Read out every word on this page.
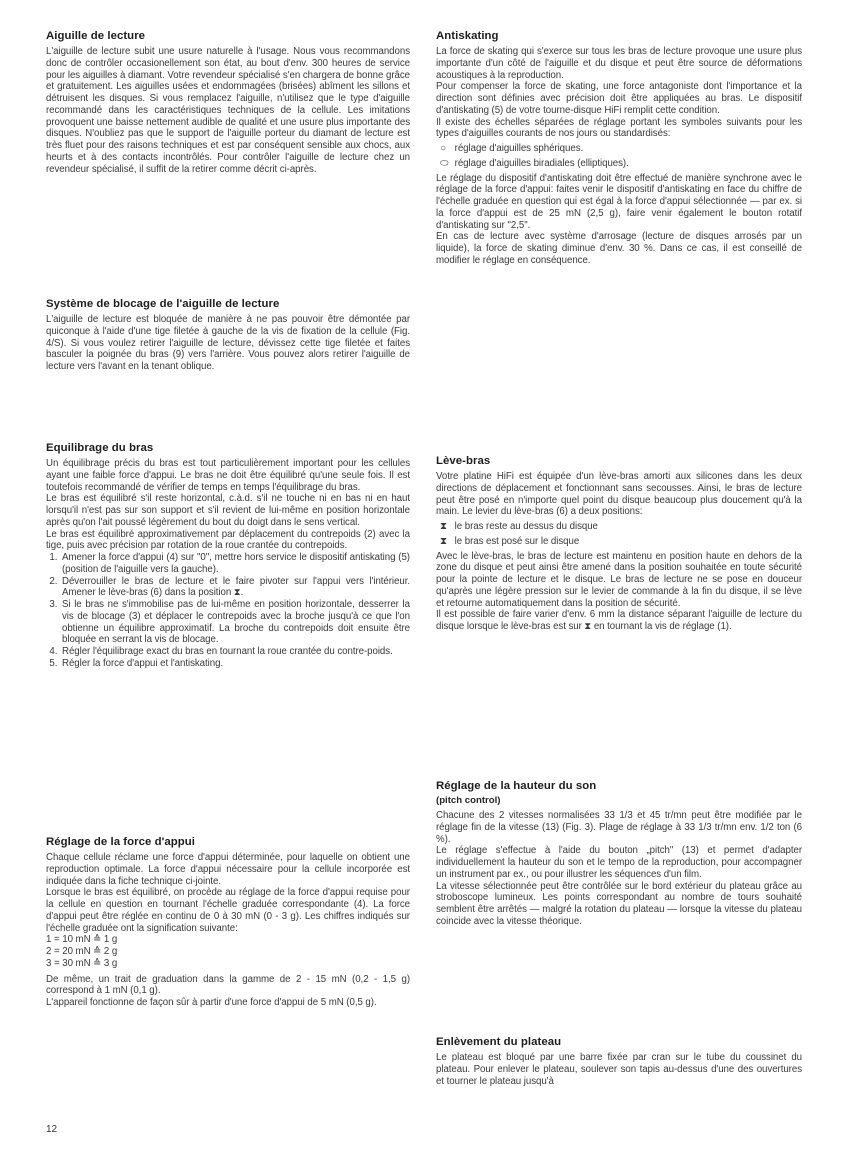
Aiguille de lecture

L'aiguille de lecture subit une usure naturelle à l'usage. Nous vous recommandons donc de contrôler occasionellement son état, au bout d'env. 300 heures de service pour les aiguilles à diamant. Votre revendeur spécialisé s'en chargera de bonne grâce et gratuitement. Les aiguilles usées et endommagées (brisées) abîment les sillons et détruisent les disques. Si vous remplacez l'aiguille, n'utilisez que le type d'aiguille recommandé dans les caractéristiques techniques de la cellule. Les imitations provoquent une baisse nettement audible de qualité et une usure plus importante des disques. N'oubliez pas que le support de l'aiguille porteur du diamant de lecture est très fluet pour des raisons techniques et est par conséquent sensible aux chocs, aux heurts et à des contacts incontrôlés. Pour contrôler l'aiguille de lecture chez un revendeur spécialisé, il suffit de la retirer comme décrit ci-après.

Système de blocage de l'aiguille de lecture

L'aiguille de lecture est bloquée de manière à ne pas pouvoir être démontée par quiconque à l'aide d'une tige filetée à gauche de la vis de fixation de la cellule (Fig. 4/S). Si vous voulez retirer l'aiguille de lecture, dévissez cette tige filetée et faites basculer la poignée du bras (9) vers l'arrière. Vous pouvez alors retirer l'aiguille de lecture vers l'avant en la tenant oblique.

Equilibrage du bras

Un équilibrage précis du bras est tout particulièrement important pour les cellules ayant une faible force d'appui. Le bras ne doit être équilibré qu'une seule fois. Il est toutefois recommandé de vérifier de temps en temps l'équilibrage du bras.

Le bras est équilibré s'il reste horizontal, c.à.d. s'il ne touche ni en bas ni en haut lorsqu'il n'est pas sur son support et s'il revient de lui-même en position horizontale après qu'on l'ait poussé légèrement du bout du doigt dans le sens vertical.

Le bras est équilibré approximativement par déplacement du contrepoids (2) avec la tige, puis avec précision par rotation de la roue crantée du contrepoids.

1. Amener la force d'appui (4) sur "0", mettre hors service le dispositif antiskating (5) (position de l'aiguille vers la gauche).
2. Déverrouiller le bras de lecture et le faire pivoter sur l'appui vers l'intérieur. Amener le lève-bras (6) dans la position ⧗.
3. Si le bras ne s'immobilise pas de lui-même en position horizontale, desserrer la vis de blocage (3) et déplacer le contrepoids avec la broche jusqu'à ce que l'on obtienne un équilibre approximatif. La broche du contrepoids doit ensuite être bloquée en serrant la vis de blocage.
4. Régler l'équilibrage exact du bras en tournant la roue crantée du contre-poids.
5. Régler la force d'appui et l'antiskating.
Réglage de la force d'appui

Chaque cellule réclame une force d'appui déterminée, pour laquelle on obtient une reproduction optimale. La force d'appui nécessaire pour la cellule incorporée est indiquée dans la fiche technique ci-jointe.

Lorsque le bras est équilibré, on procède au réglage de la force d'appui requise pour la cellule en question en tournant l'échelle graduée correspondante (4). La force d'appui peut être réglée en continu de 0 à 30 mN (0 - 3 g). Les chiffres indiqués sur l'échelle graduée ont la signification suivante:

1 = 10 mN ≙ 1 g
2 = 20 mN ≙ 2 g
3 = 30 mN ≙ 3 g

De même, un trait de graduation dans la gamme de 2 - 15 mN (0,2 - 1,5 g) correspond à 1 mN (0,1 g).

L'appareil fonctionne de façon sûr à partir d'une force d'appui de 5 mN (0,5 g).

Antiskating

La force de skating qui s'exerce sur tous les bras de lecture provoque une usure plus importante d'un côté de l'aiguille et du disque et peut être source de déformations acoustiques à la reproduction.

Pour compenser la force de skating, une force antagoniste dont l'importance et la direction sont définies avec précision doit être appliquées au bras. Le dispositif d'antiskating (5) de votre tourne-disque HiFi remplit cette condition.

Il existe des échelles séparées de réglage portant les symboles suivants pour les types d'aiguilles courants de nos jours ou standardisés:

○ réglage d'aiguilles sphériques.
⬭ réglage d'aiguilles biradiales (elliptiques).

Le réglage du dispositif d'antiskating doit être effectué de manière synchrone avec le réglage de la force d'appui: faites venir le dispositif d'antiskating en face du chiffre de l'échelle graduée en question qui est égal à la force d'appui sélectionnée — par ex. si la force d'appui est de 25 mN (2,5 g), faire venir également le bouton rotatif d'antiskating sur "2,5".

En cas de lecture avec système d'arrosage (lecture de disques arrosés par un liquide), la force de skating diminue d'env. 30 %. Dans ce cas, il est conseillé de modifier le réglage en conséquence.

Lève-bras

Votre platine HiFi est équipée d'un lève-bras amorti aux silicones dans les deux directions de déplacement et fonctionnant sans secousses. Ainsi, le bras de lecture peut être posé en n'importe quel point du disque beaucoup plus doucement qu'à la main. Le levier du lève-bras (6) a deux positions:

⧗ le bras reste au dessus du disque
⧗ le bras est posé sur le disque

Avec le lève-bras, le bras de lecture est maintenu en position haute en dehors de la zone du disque et peut ainsi être amené dans la position souhaitée en toute sécurité pour la pointe de lecture et le disque. Le bras de lecture ne se pose en douceur qu'après une légère pression sur le levier de commande à la fin du disque, il se lève et retourne automatiquement dans la position de sécurité.

Il est possible de faire varier d'env. 6 mm la distance séparant l'aiguille de lecture du disque lorsque le lève-bras est sur ⧗ en tournant la vis de réglage (1).

Réglage de la hauteur du son
(pitch control)

Chacune des 2 vitesses normalisées 33 1/3 et 45 tr/mn peut être modifiée par le réglage fin de la vitesse (13) (Fig. 3). Plage de réglage à 33 1/3 tr/mn env. 1/2 ton (6 %).

Le réglage s'effectue à l'aide du bouton „pitch" (13) et permet d'adapter individuellement la hauteur du son et le tempo de la reproduction, pour accompagner un instrument par ex., ou pour illustrer les séquences d'un film.

La vitesse sélectionnée peut être contrôlée sur le bord extérieur du plateau grâce au stroboscope lumineux. Les points correspondant au nombre de tours souhaité semblent être arrêtés — malgré la rotation du plateau — lorsque la vitesse du plateau coincide avec la vitesse théorique.

Enlèvement du plateau

Le plateau est bloqué par une barre fixée par cran sur le tube du coussinet du plateau. Pour enlever le plateau, soulever son tapis au-dessus d'une des ouvertures et tourner le plateau jusqu'à

12
